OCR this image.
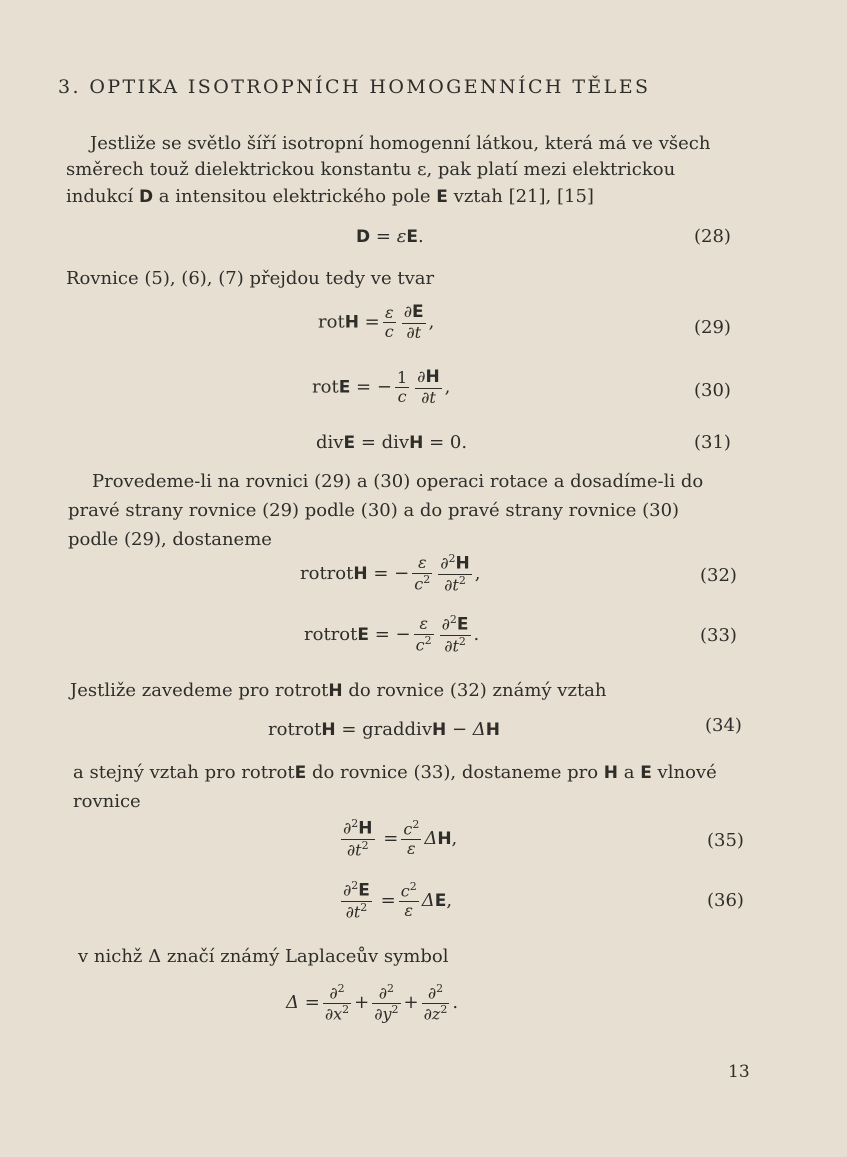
3. OPTIKA ISOTROPNÍCH HOMOGENNÍCH TĚLES
Jestliže se světlo šíří isotropní homogenní látkou, která má ve všech
směrech touž dielektrickou konstantu ε, pak platí mezi elektrickou
indukcí D a intensitou elektrického pole E vztah [21], [15]
D = εE.	(28)
Rovnice (5), (6), (7) přejdou tedy ve tvar
rotH = $\frac{\varepsilon}{c} \frac{\partial E}{\partial t}$ ,	(29)
rotE = − $\frac{1}{c} \frac{\partial H}{\partial t}$ ,	(30)
divE = divH = 0.	(31)
Provedeme-li na rovnici (29) a (30) operaci rotace a dosadíme-li do
pravé strany rovnice (29) podle (30) a do pravé strany rovnice (30)
podle (29), dostaneme
rotrotH = − $\frac{\varepsilon}{c^2} \frac{\partial^2H}{\partial t^2}$ ,	(32)
rotrotE = − $\frac{\varepsilon}{c^2} \frac{\partial^2E}{\partial t^2}$ .	(33)
Jestliže zavedeme pro rotrotH do rovnice (32) známý vztah
rotrotH = graddivH − ΔH	(34)
a stejný vztah pro rotrotE do rovnice (33), dostaneme pro H a E vlnové
rovnice
$\frac{\partial^2H}{\partial t^2} = \frac{c^2}{\varepsilon} \Delta H$,	(35)
$\frac{\partial^2E}{\partial t^2} = \frac{c^2}{\varepsilon} \Delta E$,	(36)
v nichž Δ značí známý Laplaceův symbol
$\Delta = \frac{\partial^2}{\partial x^2} + \frac{\partial^2}{\partial y^2} + \frac{\partial^2}{\partial z^2}$ .
13
